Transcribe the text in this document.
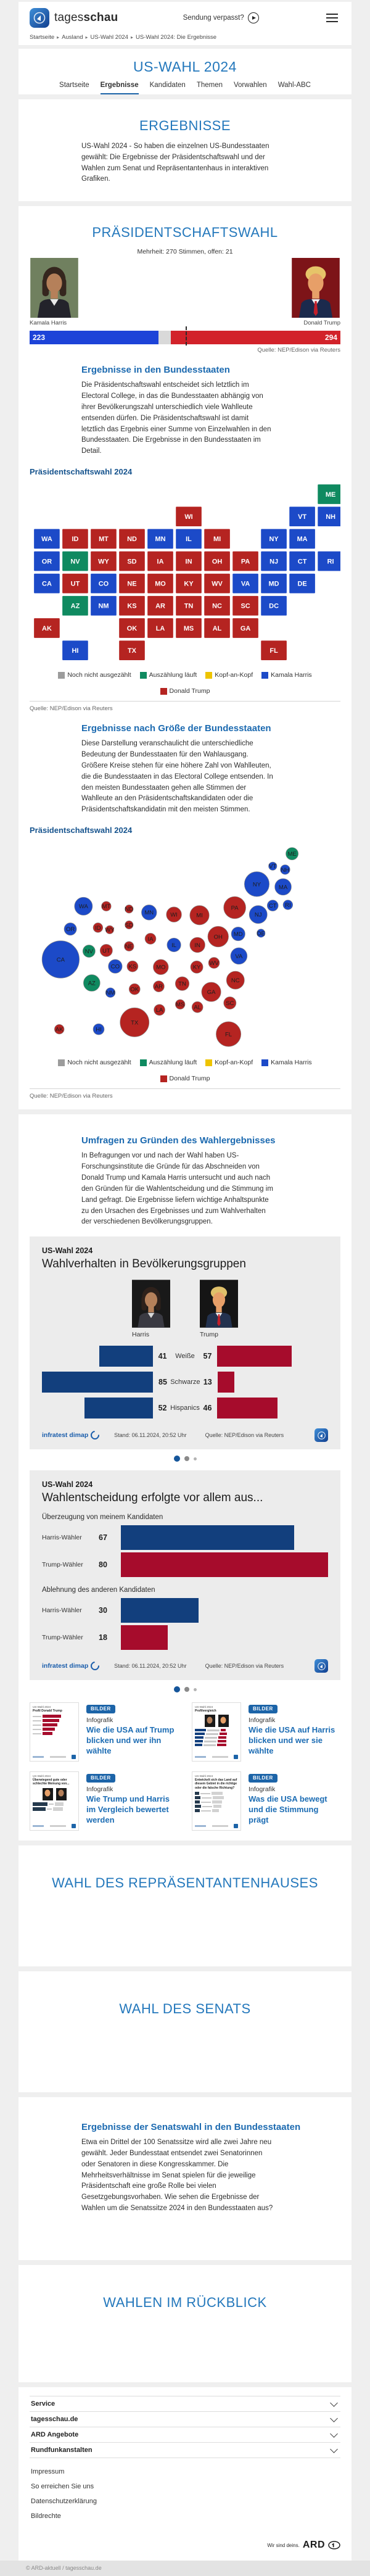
tagesschau	Sendung verpasst?
Startseite ▸ Ausland ▸ US-Wahl 2024 ▸ US-Wahl 2024: Die Ergebnisse
US-WAHL 2024
Startseite Ergebnisse Kandidaten Themen Vorwahlen Wahl-ABC
ERGEBNISSE

US-Wahl 2024 - So haben die einzelnen US-Bundesstaaten gewählt: Die Ergebnisse der Präsidentschaftswahl und der Wahlen zum Senat und Repräsentantenhaus in interaktiven Grafiken.

PRÄSIDENTSCHAFTSWAHL

Mehrheit: 270 Stimmen, offen: 21

Kamala Harris	Donald Trump
223	294

Quelle: NEP/Edison via Reuters

Ergebnisse in den Bundesstaaten

Die Präsidentschaftswahl entscheidet sich letztlich im Electoral College, in das die Bundesstaaten abhängig von ihrer Bevölkerungszahl unterschiedlich viele Wahlleute entsenden dürfen. Die Präsidentschaftswahl ist damit letztlich das Ergebnis einer Summe von Einzelwahlen in den Bundesstaaten. Die Ergebnisse in den Bundesstaaten im Detail.

Präsidentschaftswahl 2024
ME
WI	VT	NH
WA	ID	MT	ND	MN	IL	MI	NY	MA
OR	NV	WY	SD	IA	IN	OH	PA	NJ	CT	RI
CA	UT	CO	NE	MO	KY	WV	VA	MD	DE
AZ	NM	KS	AR	TN	NC	SC	DC
AK	OK	LA	MS	AL	GA
HI	TX	FL
Noch nicht ausgezählt	Auszählung läuft	Kopf-an-Kopf	Kamala Harris
Donald Trump

Quelle: NEP/Edison via Reuters

Ergebnisse nach Größe der Bundesstaaten

Diese Darstellung veranschaulicht die unterschiedliche Bedeutung der Bundesstaaten für den Wahlausgang. Größere Kreise stehen für eine höhere Zahl von Wahlleuten, die die Bundesstaaten in das Electoral College entsenden. In den meisten Bundesstaaten gehen alle Stimmen der Wahlleute an den Präsidentschaftskandidaten oder die Präsidentschaftskandidatin mit den meisten Stimmen.

Präsidentschaftswahl 2024
ME
VT
NH
NY	MA
CT RI
WA	MT	ND
MN	WI	MI
PA
NJ
OR	ID WY
SD
IA
IL	IN
OH MD	DE
CA
NV UT
NE
CO KS	MO	KY
WV
VA
AZ
NM
OK	AR	TN
NC
GA
SC
MS AL
LA
TX
AK	HI
FL
Noch nicht ausgezählt	Auszählung läuft	Kopf-an-Kopf	Kamala Harris
Donald Trump

Quelle: NEP/Edison via Reuters

Umfragen zu Gründen des Wahlergebnisses

In Befragungen vor und nach der Wahl haben US-Forschungsinstitute die Gründe für das Abschneiden von Donald Trump und Kamala Harris untersucht und auch nach den Gründen für die Wahlentscheidung und die Stimmung im Land gefragt. Die Ergebnisse liefern wichtige Anhaltspunkte zu den Ursachen des Ergebnisses und zum Wahlverhalten der verschiedenen Bevölkerungsgruppen.

US-Wahl 2024

Wahlverhalten in Bevölkerungsgruppen
Harris	Trump
41 Weiße 57
85 Schwarze 13
52 Hispanics 46
infratest dimap	Stand: 06.11.2024, 20:52 Uhr	Quelle: NEP/Edison via Reuters

US-Wahl 2024

Wahlentscheidung erfolgte vor allem aus...

Überzeugung von meinem Kandidaten

Harris-Wähler	67
Trump-Wähler	80

Ablehnung des anderen Kandidaten

Harris-Wähler	30
Trump-Wähler	18
infratest dimap	Stand: 06.11.2024, 20:52 Uhr	Quelle: NEP/Edison via Reuters
US-Wahl 2024
Profil Donald Trump	BILDER

Infografik

Wie die USA auf Trump blicken und wer ihn wählte
US-Wahl 2024
Profilvergleich	BILDER

Infografik

Wie die USA auf Harris blicken und wer sie wählte
US-Wahl 2024
Überwiegend gute oder schlechte Meinung von...
BILDER

Infografik

Wie Trump und Harris im Vergleich bewertet werden
US-Wahl 2024
Entwickelt sich das Land auf diesem Gebiet in die richtige oder die falsche Richtung?
BILDER

Infografik

Was die USA bewegt und die Stimmung prägt
WAHL DES REPRÄSENTANTENHAUSES
WAHL DES SENATS
Ergebnisse der Senatswahl in den Bundesstaaten

Etwa ein Drittel der 100 Senatssitze wird alle zwei Jahre neu gewählt. Jeder Bundesstaat entsendet zwei Senatorinnen oder Senatoren in diese Kongresskammer. Die Mehrheitsverhältnisse im Senat spielen für die jeweilige Präsidentschaft eine große Rolle bei vielen Gesetzgebungsvorhaben. Wie sehen die Ergebnisse der Wahlen um die Senatssitze 2024 in den Bundesstaaten aus?

WAHLEN IM RÜCKBLICK
Service
tagesschau.de
ARD Angebote
Rundfunkanstalten
Impressum
So erreichen Sie uns
Datenschutzerklärung
Bildrechte
Wir sind deins. ARD
© ARD-aktuell / tagesschau.de
